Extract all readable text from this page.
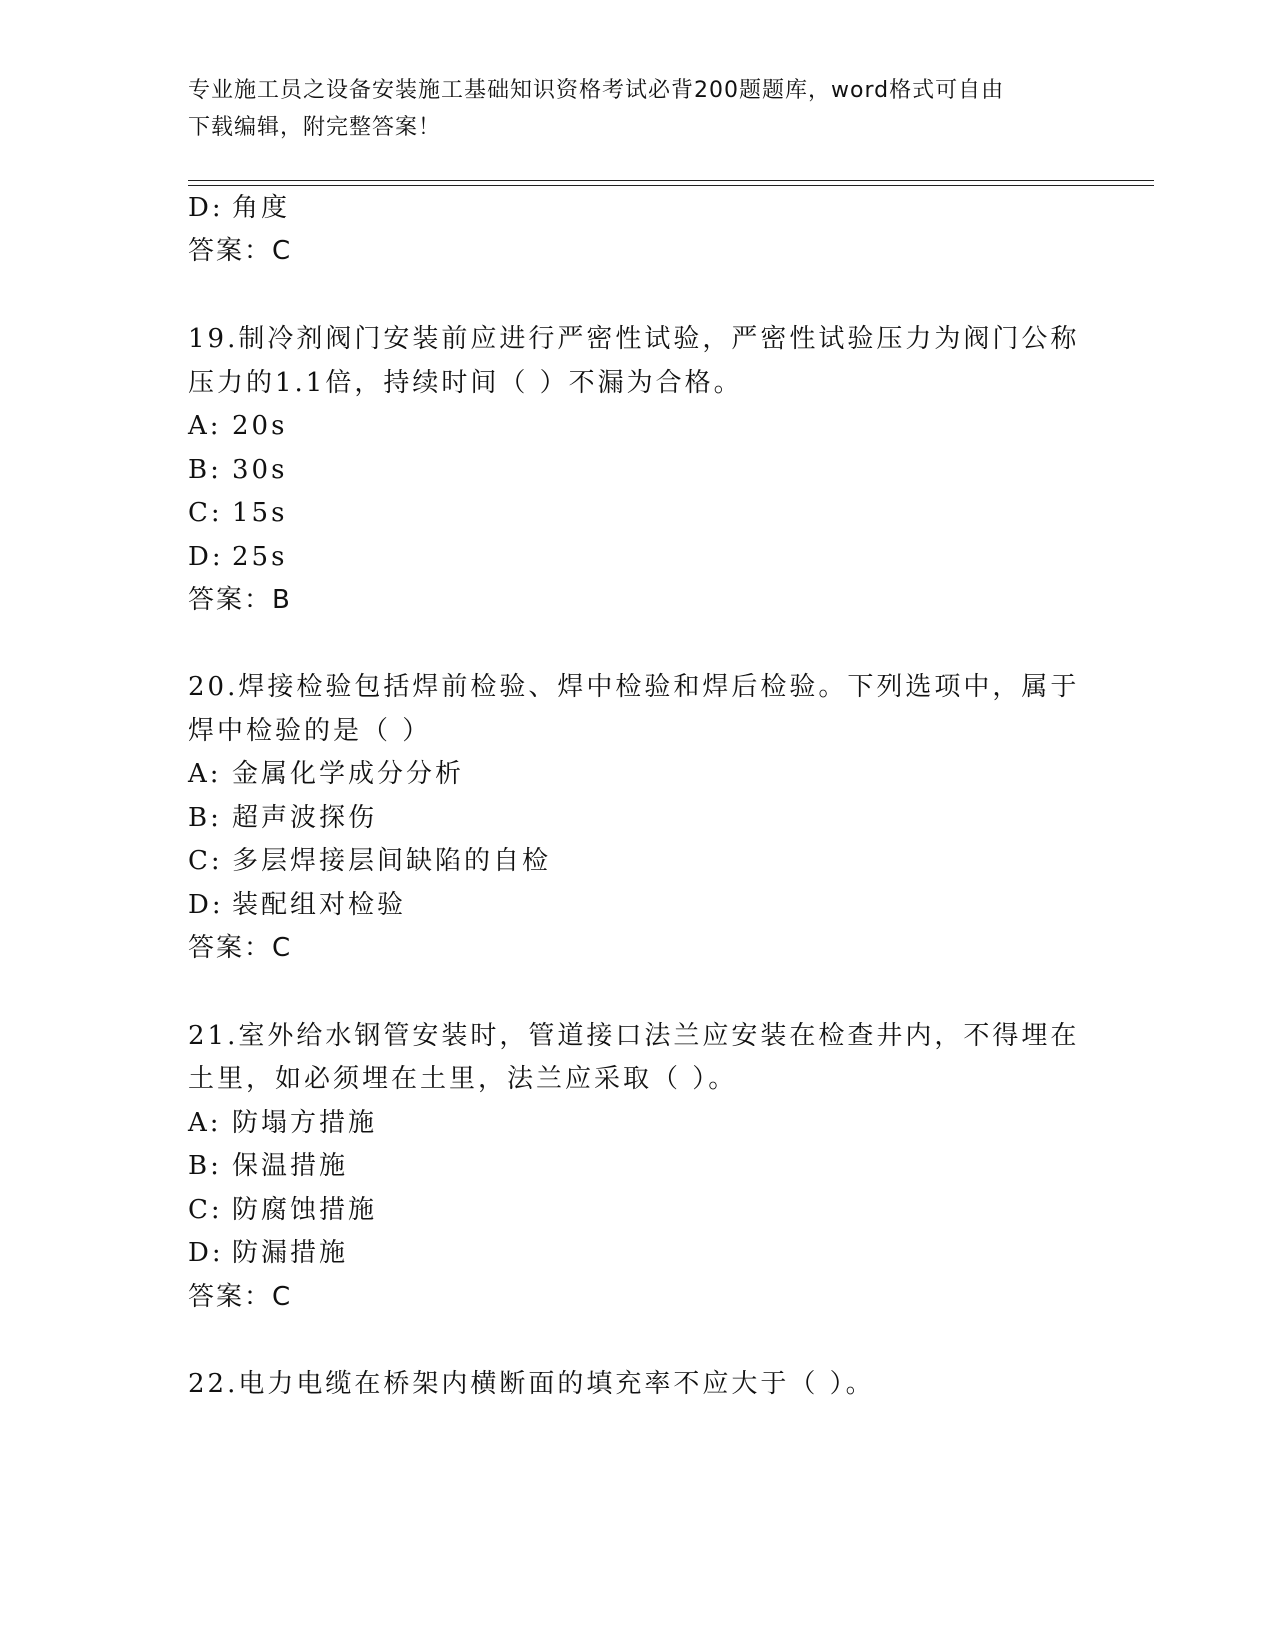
专业施工员之设备安装施工基础知识资格考试必背200题题库，word格式可自由
下载编辑，附完整答案！
D: 角度
答案：C
19.制冷剂阀门安装前应进行严密性试验，严密性试验压力为阀门公称
压力的1.1倍，持续时间（ ）不漏为合格。
A: 20s
B: 30s
C: 15s
D: 25s
答案：B
20.焊接检验包括焊前检验、焊中检验和焊后检验。下列选项中，属于
焊中检验的是（ ）
A: 金属化学成分分析
B: 超声波探伤
C: 多层焊接层间缺陷的自检
D: 装配组对检验
答案：C
21.室外给水钢管安装时，管道接口法兰应安装在检查井内，不得埋在
土里，如必须埋在土里，法兰应采取（ ）。
A: 防塌方措施
B: 保温措施
C: 防腐蚀措施
D: 防漏措施
答案：C
22.电力电缆在桥架内横断面的填充率不应大于（ ）。
